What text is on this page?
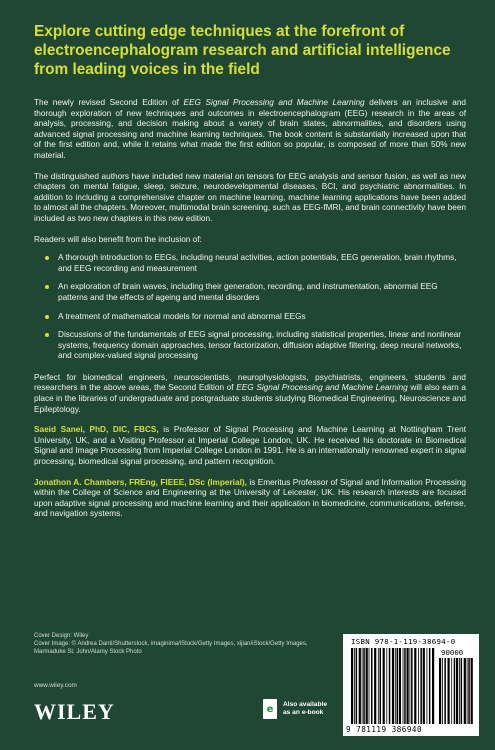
Explore cutting edge techniques at the forefront of electroencephalogram research and artificial intelligence from leading voices in the field

The newly revised Second Edition of EEG Signal Processing and Machine Learning delivers an inclusive and thorough exploration of new techniques and outcomes in electroencephalogram (EEG) research in the areas of analysis, processing, and decision making about a variety of brain states, abnormalities, and disorders using advanced signal processing and machine learning techniques. The book content is substantially increased upon that of the first edition and, while it retains what made the first edition so popular, is composed of more than 50% new material.

The distinguished authors have included new material on tensors for EEG analysis and sensor fusion, as well as new chapters on mental fatigue, sleep, seizure, neurodevelopmental diseases, BCI, and psychiatric abnormalities. In addition to including a comprehensive chapter on machine learning, machine learning applications have been added to almost all the chapters. Moreover, multimodal brain screening, such as EEG-fMRI, and brain connectivity have been included as two new chapters in this new edition.

Readers will also benefit from the inclusion of:

A thorough introduction to EEGs, including neural activities, action potentials, EEG generation, brain rhythms, and EEG recording and measurement
An exploration of brain waves, including their generation, recording, and instrumentation, abnormal EEG patterns and the effects of ageing and mental disorders
A treatment of mathematical models for normal and abnormal EEGs
Discussions of the fundamentals of EEG signal processing, including statistical properties, linear and nonlinear systems, frequency domain approaches, tensor factorization, diffusion adaptive filtering, deep neural networks, and complex-valued signal processing

Perfect for biomedical engineers, neuroscientists, neurophysiologists, psychiatrists, engineers, students and researchers in the above areas, the Second Edition of EEG Signal Processing and Machine Learning will also earn a place in the libraries of undergraduate and postgraduate students studying Biomedical Engineering, Neuroscience and Epileptology.

Saeid Sanei, PhD, DIC, FBCS, is Professor of Signal Processing and Machine Learning at Nottingham Trent University, UK, and a Visiting Professor at Imperial College London, UK. He received his doctorate in Biomedical Signal and Image Processing from Imperial College London in 1991. He is an internationally renowned expert in signal processing, biomedical signal processing, and pattern recognition.

Jonathon A. Chambers, FREng, FIEEE, DSc (Imperial), is Emeritus Professor of Signal and Information Processing within the College of Science and Engineering at the University of Leicester, UK. His research interests are focused upon adaptive signal processing and machine learning and their application in biomedicine, communications, defense, and navigation systems.

Cover Design: Wiley
Cover Image: © Andrea Danti/Shutterstock, imaginima/iStock/Getty Images, xijian/iStock/Getty Images, Marmaduke St. John/Alamy Stock Photo
www.wiley.com
WILEY	e Also available
as an e-book
ISBN 978-1-119-38694-0
90000
9 781119 386940
